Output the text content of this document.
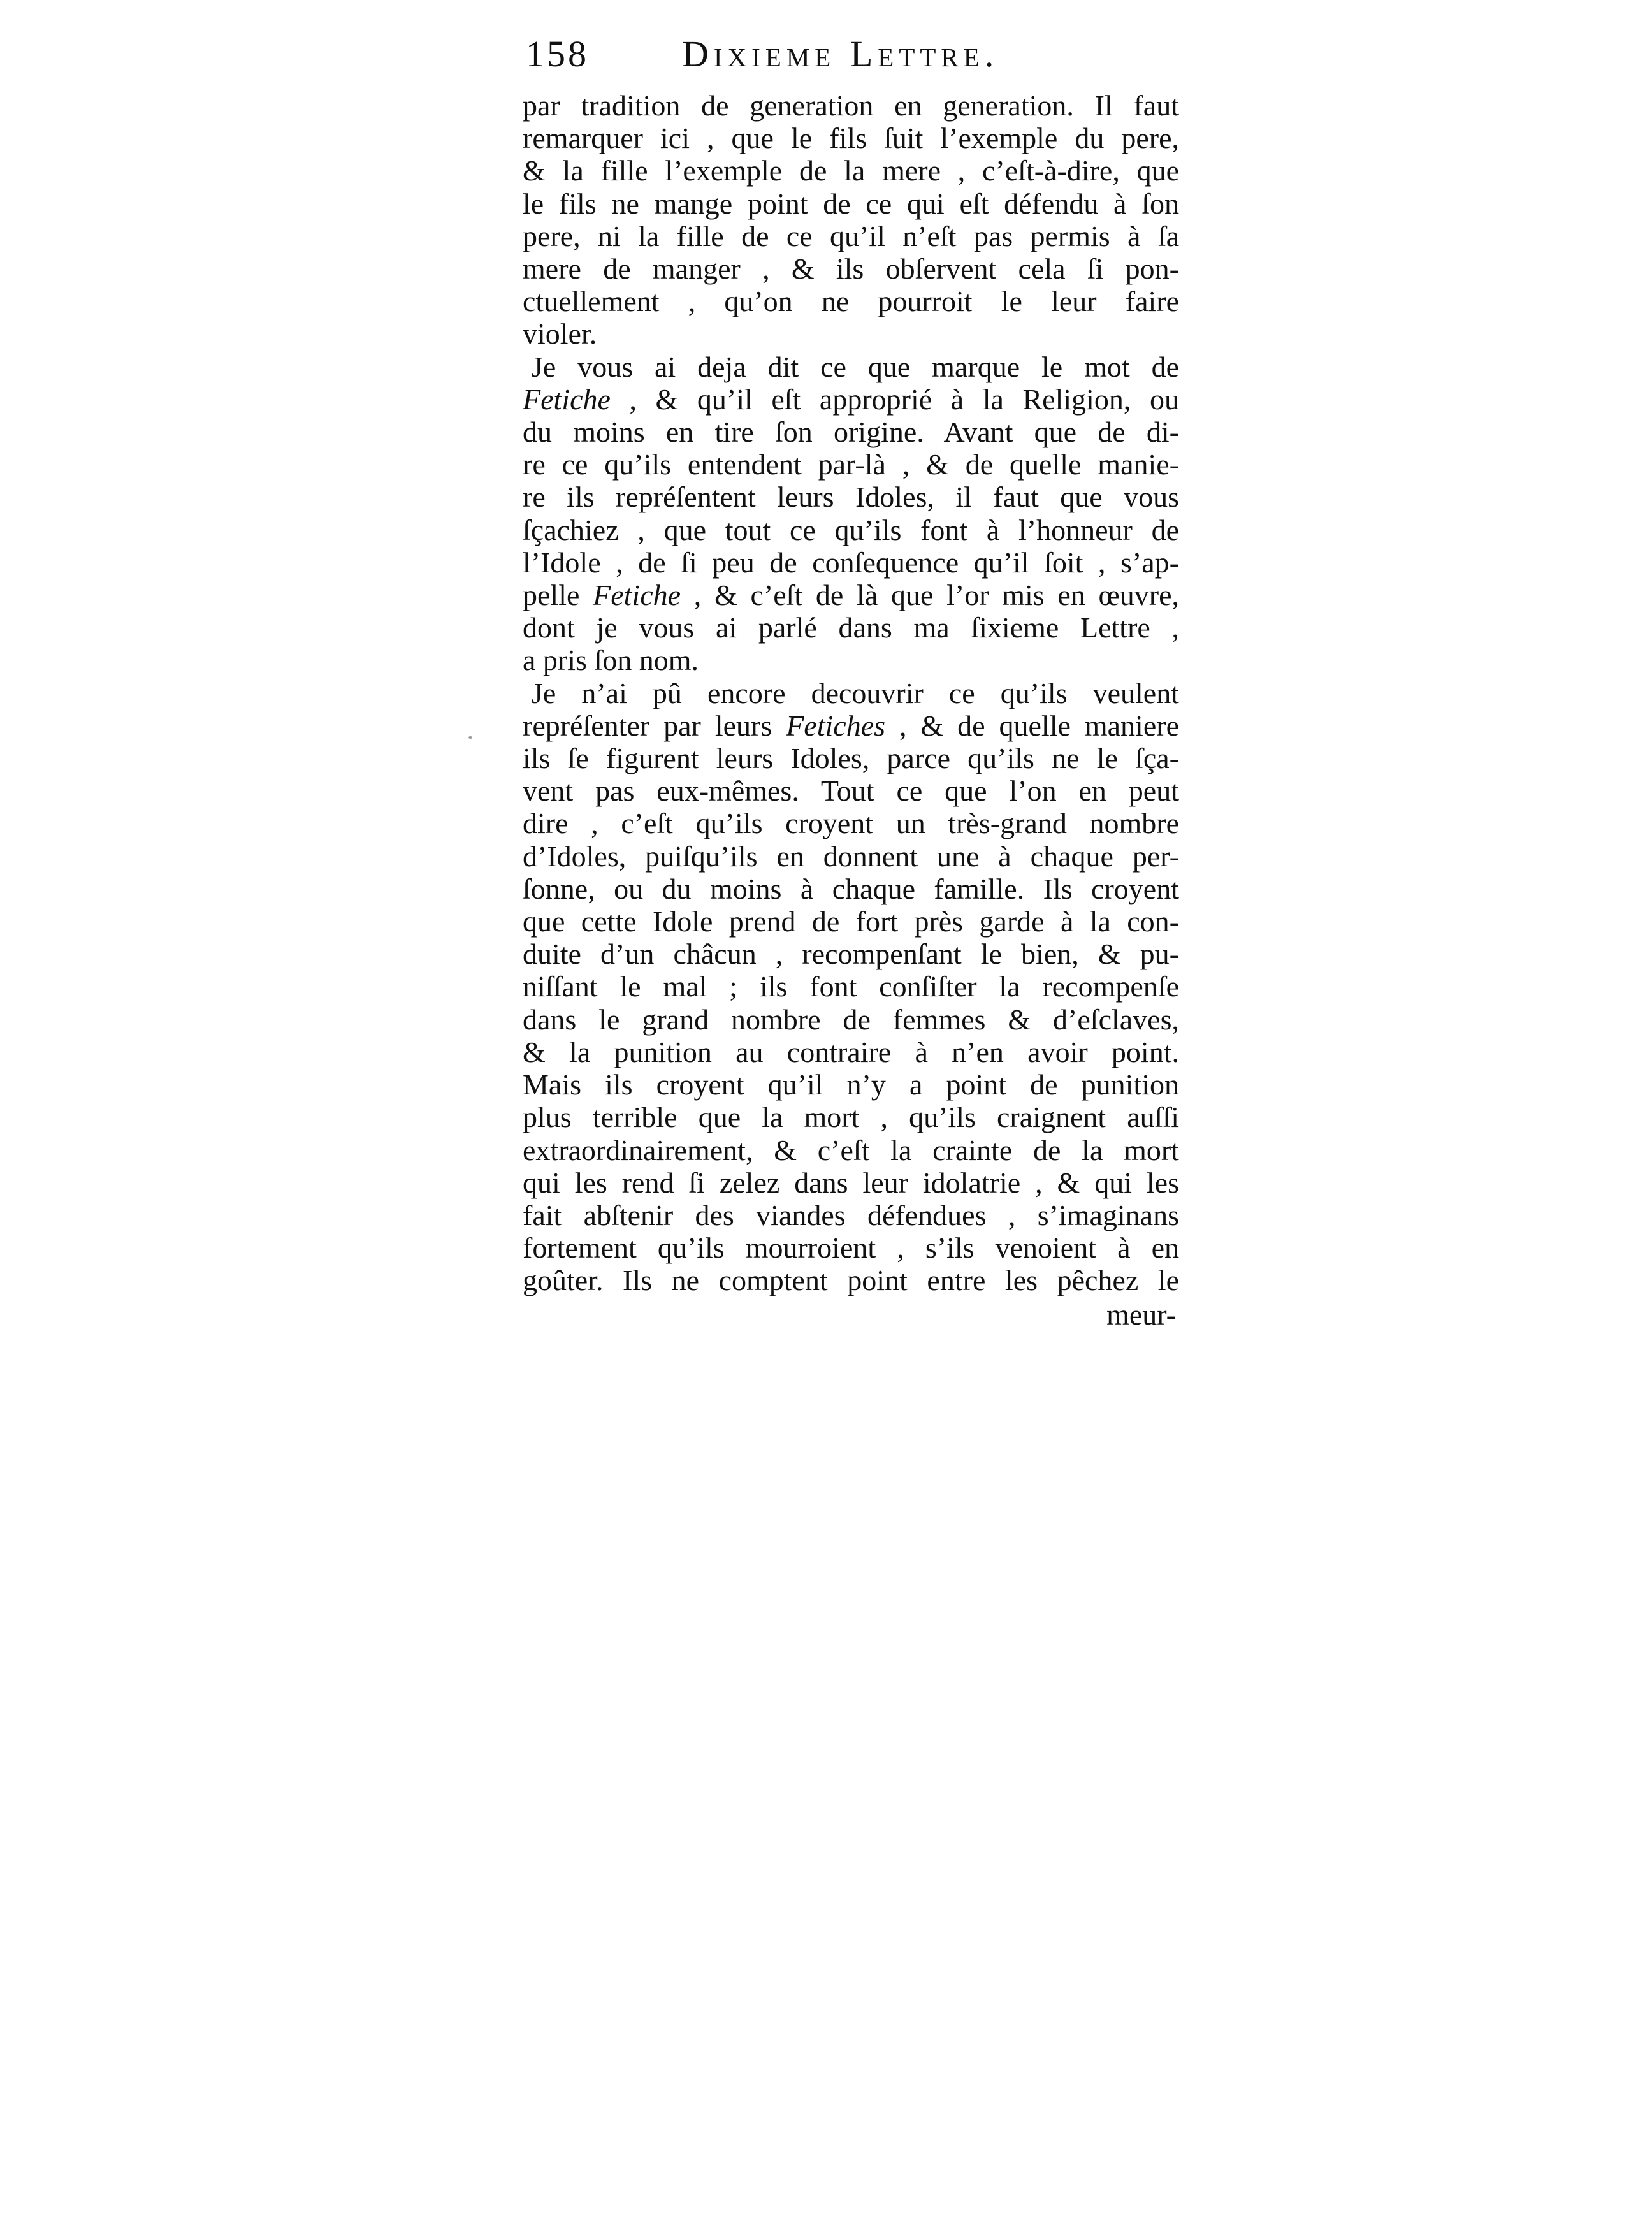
158	Dixieme Lettre.
par tradition de generation en generation. Il faut
remarquer ici , que le fils ſuit l’exemple du pere,
& la fille l’exemple de la mere , c’eſt-à-dire, que
le fils ne mange point de ce qui eſt défendu à ſon
pere, ni la fille de ce qu’il n’eſt pas permis à ſa
mere de manger , & ils obſervent cela ſi pon-
ctuellement , qu’on ne pourroit le leur faire
violer.
Je vous ai deja dit ce que marque le mot de
Fetiche , & qu’il eſt approprié à la Religion, ou
du moins en tire ſon origine. Avant que de di-
re ce qu’ils entendent par-là , & de quelle manie-
re ils repréſentent leurs Idoles, il faut que vous
ſçachiez , que tout ce qu’ils font à l’honneur de
l’Idole , de ſi peu de conſequence qu’il ſoit , s’ap-
pelle Fetiche , & c’eſt de là que l’or mis en œuvre,
dont je vous ai parlé dans ma ſixieme Lettre ,
a pris ſon nom.
Je n’ai pû encore decouvrir ce qu’ils veulent
repréſenter par leurs Fetiches , & de quelle maniere
ils ſe figurent leurs Idoles, parce qu’ils ne le ſça-
vent pas eux-mêmes. Tout ce que l’on en peut
dire , c’eſt qu’ils croyent un très-grand nombre
d’Idoles, puiſqu’ils en donnent une à chaque per-
ſonne, ou du moins à chaque famille. Ils croyent
que cette Idole prend de fort près garde à la con-
duite d’un châcun , recompenſant le bien, & pu-
niſſant le mal ; ils font conſiſter la recompenſe
dans le grand nombre de femmes & d’eſclaves,
& la punition au contraire à n’en avoir point.
Mais ils croyent qu’il n’y a point de punition
plus terrible que la mort , qu’ils craignent auſſi
extraordinairement, & c’eſt la crainte de la mort
qui les rend ſi zelez dans leur idolatrie , & qui les
fait abſtenir des viandes défendues , s’imaginans
fortement qu’ils mourroient , s’ils venoient à en
goûter. Ils ne comptent point entre les pêchez le
meur-
